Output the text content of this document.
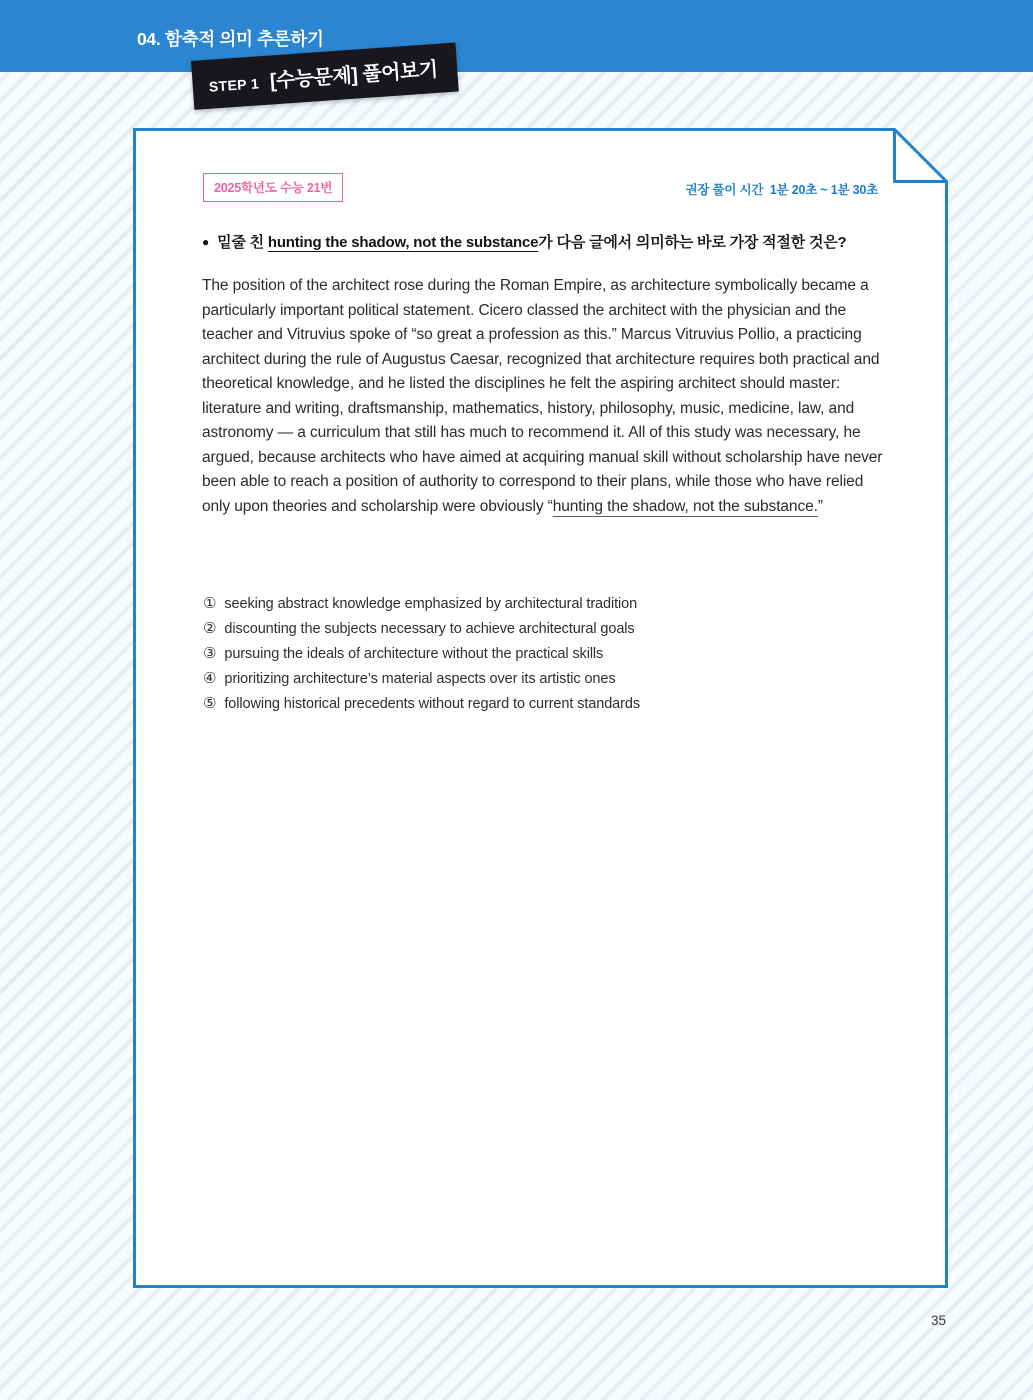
04. 함축적 의미 추론하기
STEP 1 [수능문제] 풀어보기
2025학년도 수능 21번	권장 풀이 시간  1분 20초 ~ 1분 30초

● 밑줄 친 hunting the shadow, not the substance가 다음 글에서 의미하는 바로 가장 적절한 것은?

The position of the architect rose during the Roman Empire, as architecture symbolically became a particularly important political statement. Cicero classed the architect with the physician and the teacher and Vitruvius spoke of “so great a profession as this.” Marcus Vitruvius Pollio, a practicing architect during the rule of Augustus Caesar, recognized that architecture requires both practical and theoretical knowledge, and he listed the disciplines he felt the aspiring architect should master: literature and writing, draftsmanship, mathematics, history, philosophy, music, medicine, law, and astronomy — a curriculum that still has much to recommend it. All of this study was necessary, he argued, because architects who have aimed at acquiring manual skill without scholarship have never been able to reach a position of authority to correspond to their plans, while those who have relied only upon theories and scholarship were obviously “hunting the shadow, not the substance.”

① seeking abstract knowledge emphasized by architectural tradition
② discounting the subjects necessary to achieve architectural goals
③ pursuing the ideals of architecture without the practical skills
④ prioritizing architecture’s material aspects over its artistic ones
⑤ following historical precedents without regard to current standards
35
